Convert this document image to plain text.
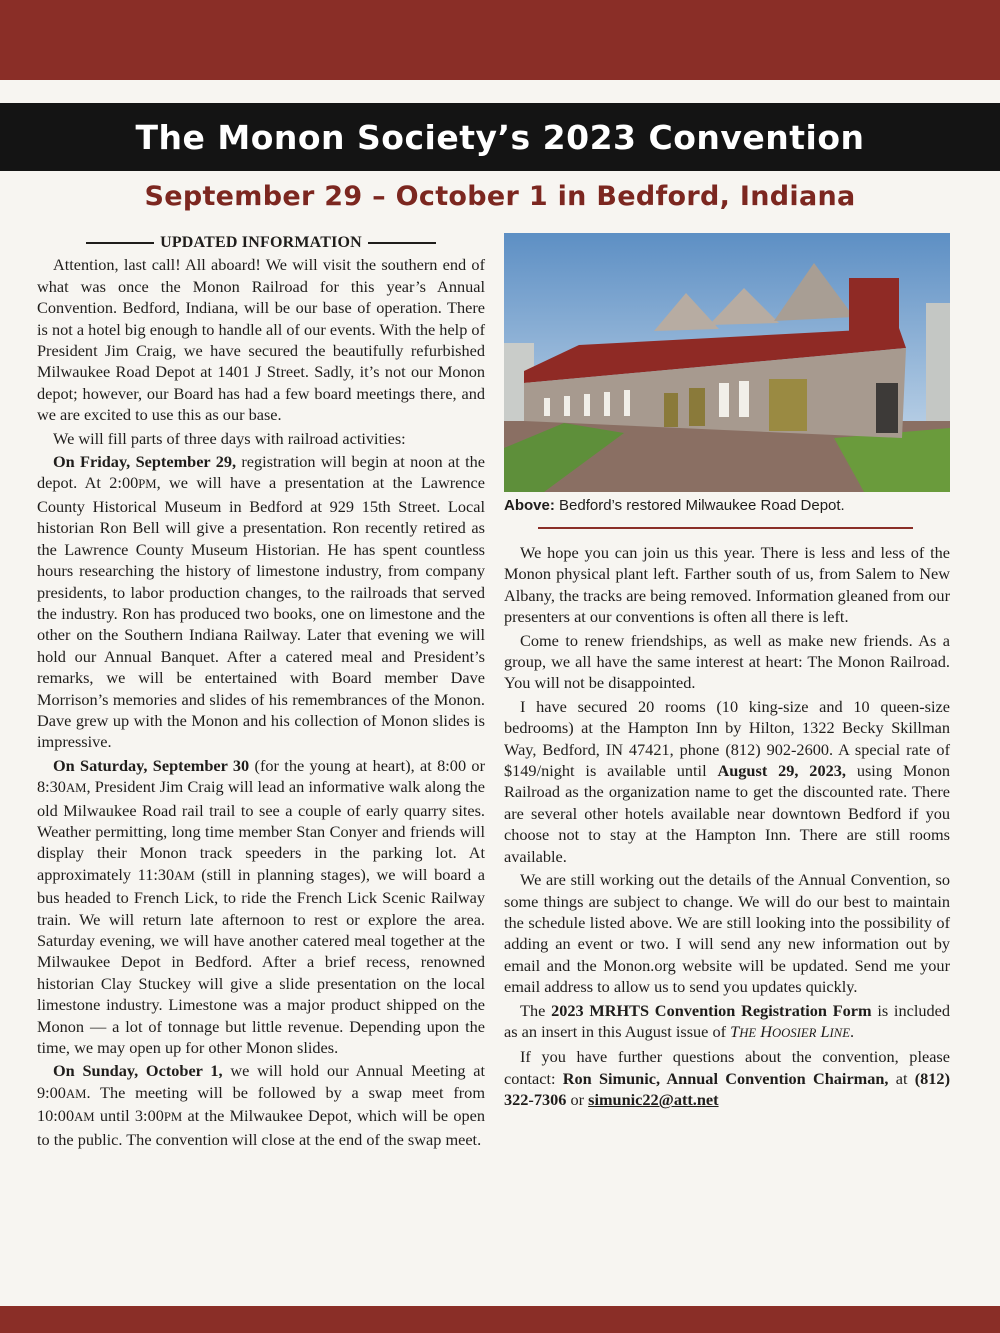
The Monon Society’s 2023 Convention
September 29 – October 1 in Bedford, Indiana
UPDATED INFORMATION

Attention, last call! All aboard! We will visit the southern end of what was once the Monon Railroad for this year’s Annual Convention. Bedford, Indiana, will be our base of operation. There is not a hotel big enough to handle all of our events. With the help of President Jim Craig, we have secured the beautifully refurbished Milwaukee Road Depot at 1401 J Street. Sadly, it’s not our Monon depot; however, our Board has had a few board meetings there, and we are excited to use this as our base.

We will fill parts of three days with railroad activities:

On Friday, September 29, registration will begin at noon at the depot. At 2:00PM, we will have a presentation at the Lawrence County Historical Museum in Bedford at 929 15th Street. Local historian Ron Bell will give a presentation. Ron recently retired as the Lawrence County Museum Historian. He has spent countless hours researching the history of limestone industry, from company presidents, to labor production changes, to the railroads that served the industry. Ron has produced two books, one on limestone and the other on the Southern Indiana Railway. Later that evening we will hold our Annual Banquet. After a catered meal and President’s remarks, we will be entertained with Board member Dave Morrison’s memories and slides of his remembrances of the Monon. Dave grew up with the Monon and his collection of Monon slides is impressive.

On Saturday, September 30 (for the young at heart), at 8:00 or 8:30AM, President Jim Craig will lead an informative walk along the old Milwaukee Road rail trail to see a couple of early quarry sites. Weather permitting, long time member Stan Conyer and friends will display their Monon track speeders in the parking lot. At approximately 11:30AM (still in planning stages), we will board a bus headed to French Lick, to ride the French Lick Scenic Railway train. We will return late afternoon to rest or explore the area. Saturday evening, we will have another catered meal together at the Milwaukee Depot in Bedford. After a brief recess, renowned historian Clay Stuckey will give a slide presentation on the local limestone industry. Limestone was a major product shipped on the Monon — a lot of tonnage but little revenue. Depending upon the time, we may open up for other Monon slides.

On Sunday, October 1, we will hold our Annual Meeting at 9:00AM. The meeting will be followed by a swap meet from 10:00AM until 3:00PM at the Milwaukee Depot, which will be open to the public. The convention will close at the end of the swap meet.

Above: Bedford’s restored Milwaukee Road Depot.

We hope you can join us this year. There is less and less of the Monon physical plant left. Farther south of us, from Salem to New Albany, the tracks are being removed. Information gleaned from our presenters at our conventions is often all there is left.

Come to renew friendships, as well as make new friends. As a group, we all have the same interest at heart: The Monon Railroad. You will not be disappointed.

I have secured 20 rooms (10 king-size and 10 queen-size bedrooms) at the Hampton Inn by Hilton, 1322 Becky Skillman Way, Bedford, IN 47421, phone (812) 902-2600. A special rate of $149/night is available until August 29, 2023, using Monon Railroad as the organization name to get the discounted rate. There are several other hotels available near downtown Bedford if you choose not to stay at the Hampton Inn. There are still rooms available.

We are still working out the details of the Annual Convention, so some things are subject to change. We will do our best to maintain the schedule listed above. We are still looking into the possibility of adding an event or two. I will send any new information out by email and the Monon.org website will be updated. Send me your email address to allow us to send you updates quickly.

The 2023 MRHTS Convention Registration Form is included as an insert in this August issue of THE HOOSIER LINE.

If you have further questions about the convention, please contact: Ron Simunic, Annual Convention Chairman, at (812) 322-7306 or simunic22@att.net
